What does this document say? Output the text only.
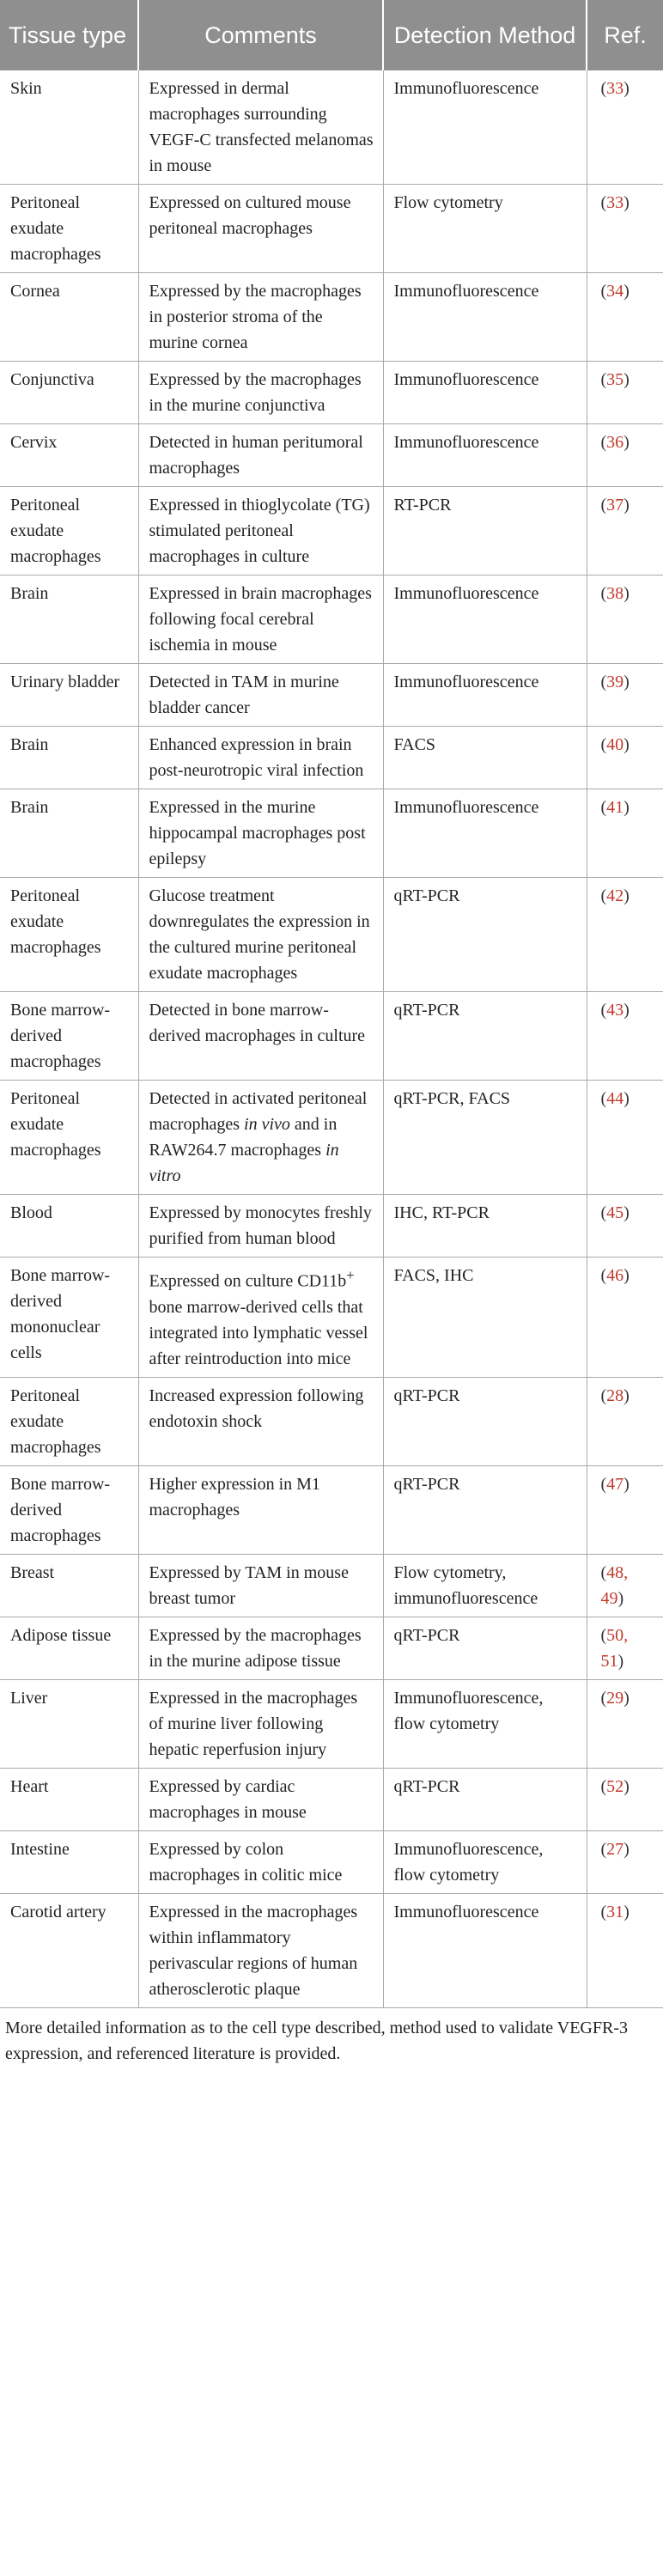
Tissue type	Comments	Detection Method	Ref.
Skin	Expressed in dermal macrophages surrounding VEGF-C transfected melanomas in mouse	Immunofluorescence	(33)
Peritoneal exudate macrophages	Expressed on cultured mouse peritoneal macrophages	Flow cytometry	(33)
Cornea	Expressed by the macrophages in posterior stroma of the murine cornea	Immunofluorescence	(34)
Conjunctiva	Expressed by the macrophages in the murine conjunctiva	Immunofluorescence	(35)
Cervix	Detected in human peritumoral macrophages	Immunofluorescence	(36)
Peritoneal exudate macrophages	Expressed in thioglycolate (TG) stimulated peritoneal macrophages in culture	RT-PCR	(37)
Brain	Expressed in brain macrophages following focal cerebral ischemia in mouse	Immunofluorescence	(38)
Urinary bladder	Detected in TAM in murine bladder cancer	Immunofluorescence	(39)
Brain	Enhanced expression in brain post-neurotropic viral infection	FACS	(40)
Brain	Expressed in the murine hippocampal macrophages post epilepsy	Immunofluorescence	(41)
Peritoneal exudate macrophages	Glucose treatment downregulates the expression in the cultured murine peritoneal exudate macrophages	qRT-PCR	(42)
Bone marrow-derived macrophages	Detected in bone marrow-derived macrophages in culture	qRT-PCR	(43)
Peritoneal exudate macrophages	Detected in activated peritoneal macrophages in vivo and in RAW264.7 macrophages in vitro	qRT-PCR, FACS	(44)
Blood	Expressed by monocytes freshly purified from human blood	IHC, RT-PCR	(45)
Bone marrow-derived mononuclear cells	Expressed on culture CD11b+ bone marrow-derived cells that integrated into lymphatic vessel after reintroduction into mice	FACS, IHC	(46)
Peritoneal exudate macrophages	Increased expression following endotoxin shock	qRT-PCR	(28)
Bone marrow-derived macrophages	Higher expression in M1 macrophages	qRT-PCR	(47)
Breast	Expressed by TAM in mouse breast tumor	Flow cytometry, immunofluorescence	(48, 49)
Adipose tissue	Expressed by the macrophages in the murine adipose tissue	qRT-PCR	(50, 51)
Liver	Expressed in the macrophages of murine liver following hepatic reperfusion injury	Immunofluorescence, flow cytometry	(29)
Heart	Expressed by cardiac macrophages in mouse	qRT-PCR	(52)
Intestine	Expressed by colon macrophages in colitic mice	Immunofluorescence, flow cytometry	(27)
Carotid artery	Expressed in the macrophages within inflammatory perivascular regions of human atherosclerotic plaque	Immunofluorescence	(31)
More detailed information as to the cell type described, method used to validate VEGFR-3 expression, and referenced literature is provided.
